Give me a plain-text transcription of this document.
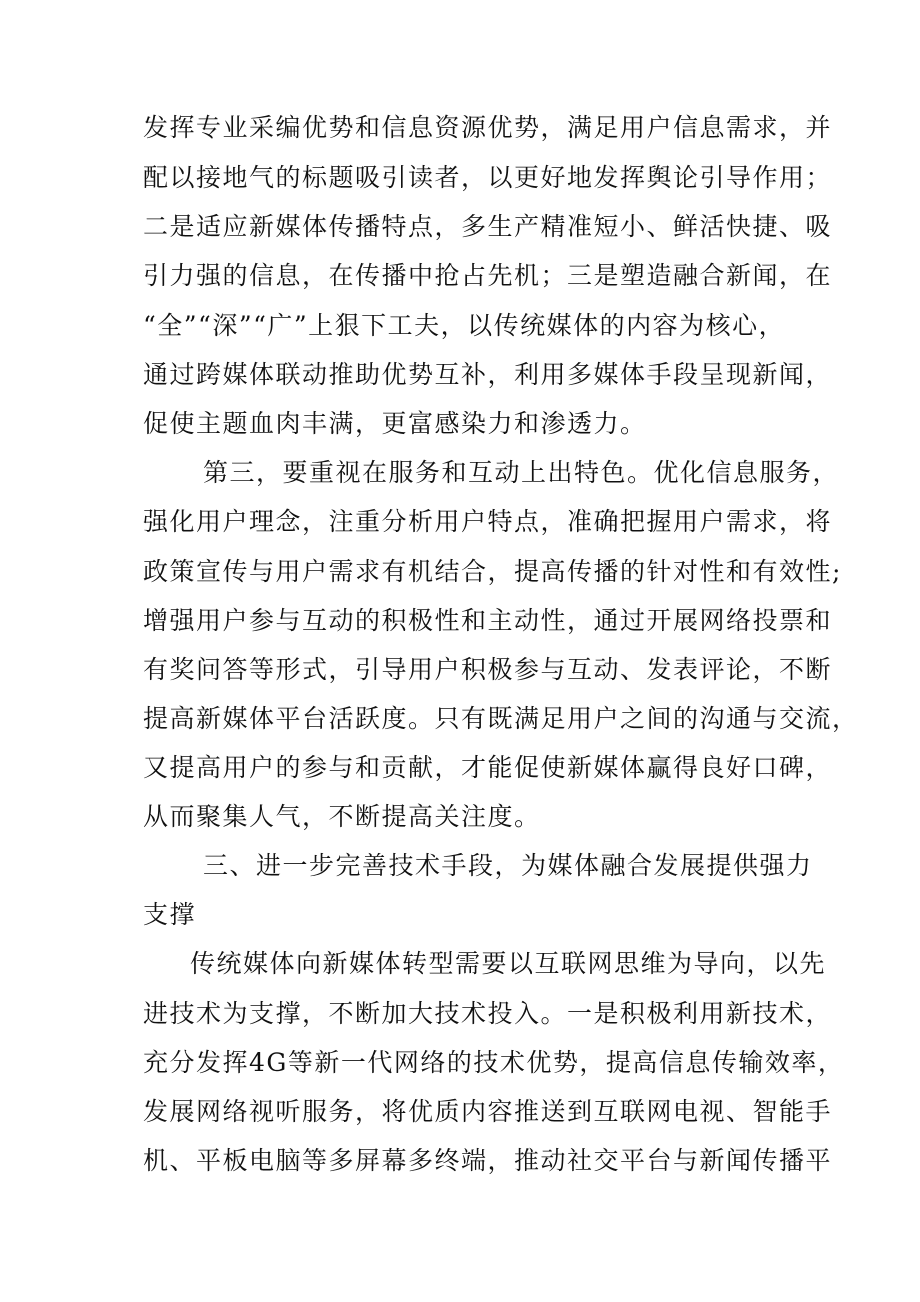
发挥专业采编优势和信息资源优势，满足用户信息需求，并
配以接地气的标题吸引读者，以更好地发挥舆论引导作用；
二是适应新媒体传播特点，多生产精准短小、鲜活快捷、吸
引力强的信息，在传播中抢占先机；三是塑造融合新闻，在
“全”“深”“广”上狠下工夫，以传统媒体的内容为核心，
通过跨媒体联动推助优势互补，利用多媒体手段呈现新闻，
促使主题血肉丰满，更富感染力和渗透力。
第三，要重视在服务和互动上出特色。优化信息服务，
强化用户理念，注重分析用户特点，准确把握用户需求，将
政策宣传与用户需求有机结合，提高传播的针对性和有效性;
增强用户参与互动的积极性和主动性，通过开展网络投票和
有奖问答等形式，引导用户积极参与互动、发表评论，不断
提高新媒体平台活跃度。只有既满足用户之间的沟通与交流，
又提高用户的参与和贡献，才能促使新媒体赢得良好口碑，
从而聚集人气，不断提高关注度。
三、进一步完善技术手段，为媒体融合发展提供强力
支撑
传统媒体向新媒体转型需要以互联网思维为导向，以先
进技术为支撑，不断加大技术投入。一是积极利用新技术，
充分发挥4G等新一代网络的技术优势，提高信息传输效率，
发展网络视听服务，将优质内容推送到互联网电视、智能手
机、平板电脑等多屏幕多终端，推动社交平台与新闻传播平
